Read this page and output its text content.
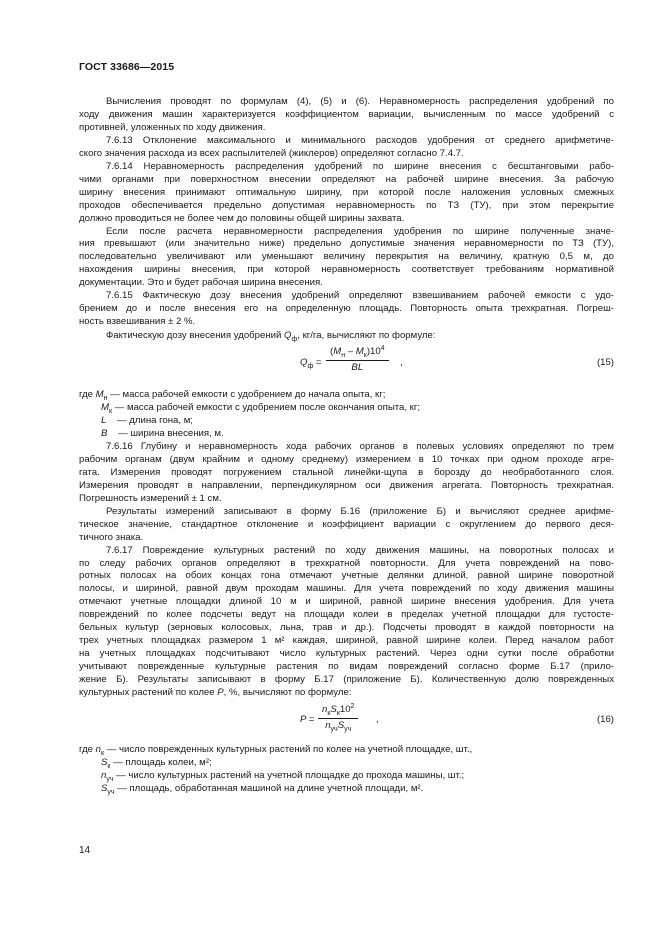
ГОСТ 33686—2015

Вычисления проводят по формулам (4), (5) и (6). Неравномерность распределения удобрений по
ходу движения машин характеризуется коэффициентом вариации, вычисленным по массе удобрений с
противней, уложенных по ходу движения.

7.6.13 Отклонение максимального и минимального расходов удобрения от среднего арифметиче-
ского значения расхода из всех распылителей (жиклеров) определяют согласно 7.4.7.

7.6.14 Неравномерность распределения удобрений по ширине внесения с бесштанговыми рабо-
чими органами при поверхностном внесении определяют на рабочей ширине внесения. За рабочую
ширину внесения принимают оптимальную ширину, при которой после наложения условных смежных
проходов обеспечивается предельно допустимая неравномерность по ТЗ (ТУ), при этом перекрытие
должно проводиться не более чем до половины общей ширины захвата.

Если после расчета неравномерности распределения удобрения по ширине полученные значе-
ния превышают (или значительно ниже) предельно допустимые значения неравномерности по ТЗ (ТУ),
последовательно увеличивают или уменьшают величину перекрытия на величину, кратную 0,5 м, до
нахождения ширины внесения, при которой неравномерность соответствует требованиям нормативной
документации. Это и будет рабочая ширина внесения.

7.6.15 Фактическую дозу внесения удобрений определяют взвешиванием рабочей емкости с удо-
брением до и после внесения его на определенную площадь. Повторность опыта трехкратная. Погреш-
ность взвешивания ± 2 %.

Фактическую дозу внесения удобрений $Q_ф$, кг/га, вычисляют по формуле:

$Q_ф$ =
$(M_н - M_к)10^4$
BL	,	(15)
где $M_н$ — масса рабочей емкости с удобрением до начала опыта, кг;
$M_к$ — масса рабочей емкости с удобрением после окончания опыта, кг;
L — длина гона, м;
B — ширина внесения, м.

7.6.16 Глубину и неравномерность хода рабочих органов в полевых условиях определяют по трем
рабочим органам (двум крайним и одному среднему) измерением в 10 точках при одном проходе агре-
гата. Измерения проводят погружением стальной линейки-щупа в борозду до необработанного слоя.
Измерения проводят в направлении, перпендикулярном оси движения агрегата. Повторность трехкратная.
Погрешность измерений ± 1 см.

Результаты измерений записывают в форму Б.16 (приложение Б) и вычисляют среднее арифме-
тическое значение, стандартное отклонение и коэффициент вариации с округлением до первого деся-
тичного знака.

7.6.17 Повреждение культурных растений по ходу движения машины, на поворотных полосах и
по следу рабочих органов определяют в трехкратной повторности. Для учета повреждений на пово-
ротных полосах на обоих концах гона отмечают учетные делянки длиной, равной ширине поворотной
полосы, и шириной, равной двум проходам машины. Для учета повреждений по ходу движения машины
отмечают учетные площадки длиной 10 м и шириной, равной ширине внесения удобрения. Для учета
повреждений по колее подсчеты ведут на площади колеи в пределах учетной площадки для густосте-
бельных культур (зерновых колосовых, льна, трав и др.). Подсчеты проводят в каждой повторности на
трех учетных площадках размером 1 м² каждая, шириной, равной ширине колеи. Перед началом работ
на учетных площадках подсчитывают число культурных растений. Через одни сутки после обработки
учитывают поврежденные культурные растения по видам повреждений согласно форме Б.17 (прило-
жение Б). Результаты записывают в форму Б.17 (приложение Б). Количественную долю поврежденных
культурных растений по колее P, %, вычисляют по формуле:

P =
$n_кS_к10^2$
$n_{уч}S_{уч}$
,	(16)
где $n_к$ — число поврежденных культурных растений по колее на учетной площадке, шт.,
$S_к$ — площадь колеи, м²;
$n_{уч}$ — число культурных растений на учетной площадке до прохода машины, шт.;
$S_{уч}$ — площадь, обработанная машиной на длине учетной площади, м².
14
